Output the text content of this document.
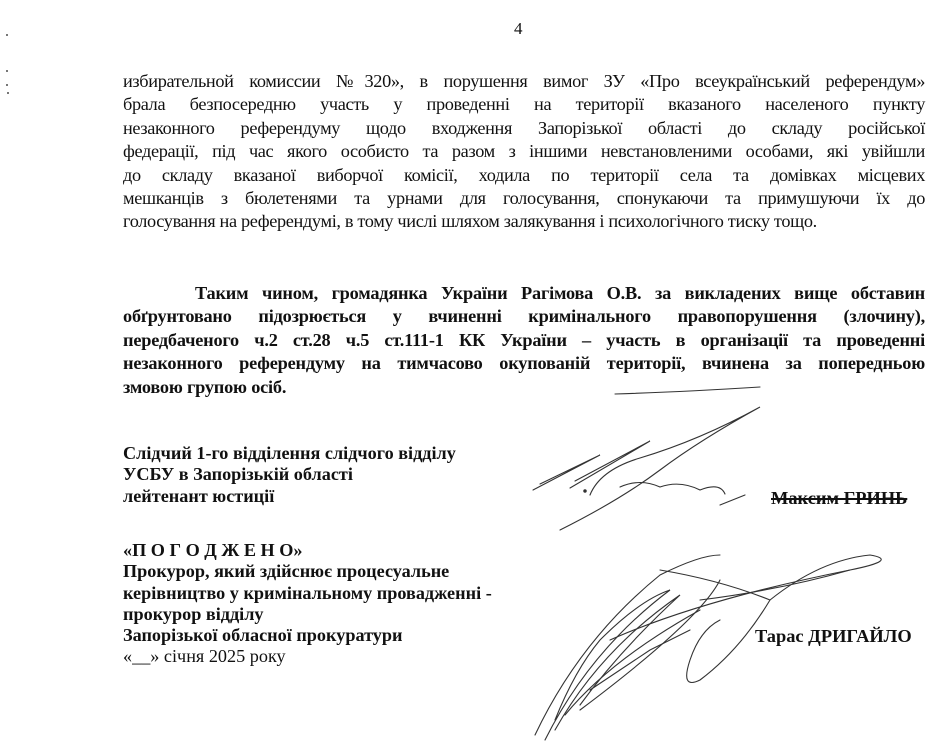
4
избирательной комиссии №320», в порушення вимог ЗУ «Про всеукраїнський референдум»
брала безпосередню участь у проведенні на території вказаного населеного пункту
незаконного референдуму щодо входження Запорізької області до складу російської
федерації, під час якого особисто та разом з іншими невстановленими особами, які увійшли
до складу вказаної виборчої комісії, ходила по території села та домівках місцевих
мешканців з бюлетенями та урнами для голосування, спонукаючи та примушуючи їх до
голосування на референдумі, в тому числі шляхом залякування і психологічного тиску тощо.
Таким чином, громадянка України Рагімова О.В. за викладених вище обставин
обґрунтовано підозрюється у вчиненні кримінального правопорушення (злочину),
передбаченого ч.2 ст.28 ч.5 ст.111-1 КК України – участь в організації та проведенні
незаконного референдуму на тимчасово окупованій території, вчинена за попередньою
змовою групою осіб.
Слідчий 1-го відділення слідчого відділу
УСБУ в Запорізькій області
лейтенант юстиції	Максим ГРИНЬ
«П О Г О Д Ж Е Н О»
Прокурор, який здійснює процесуальне
керівництво у кримінальному провадженні -
прокурор відділу
Запорізької обласної прокуратури
«__» січня 2025 року
Тарас ДРИГАЙЛО
